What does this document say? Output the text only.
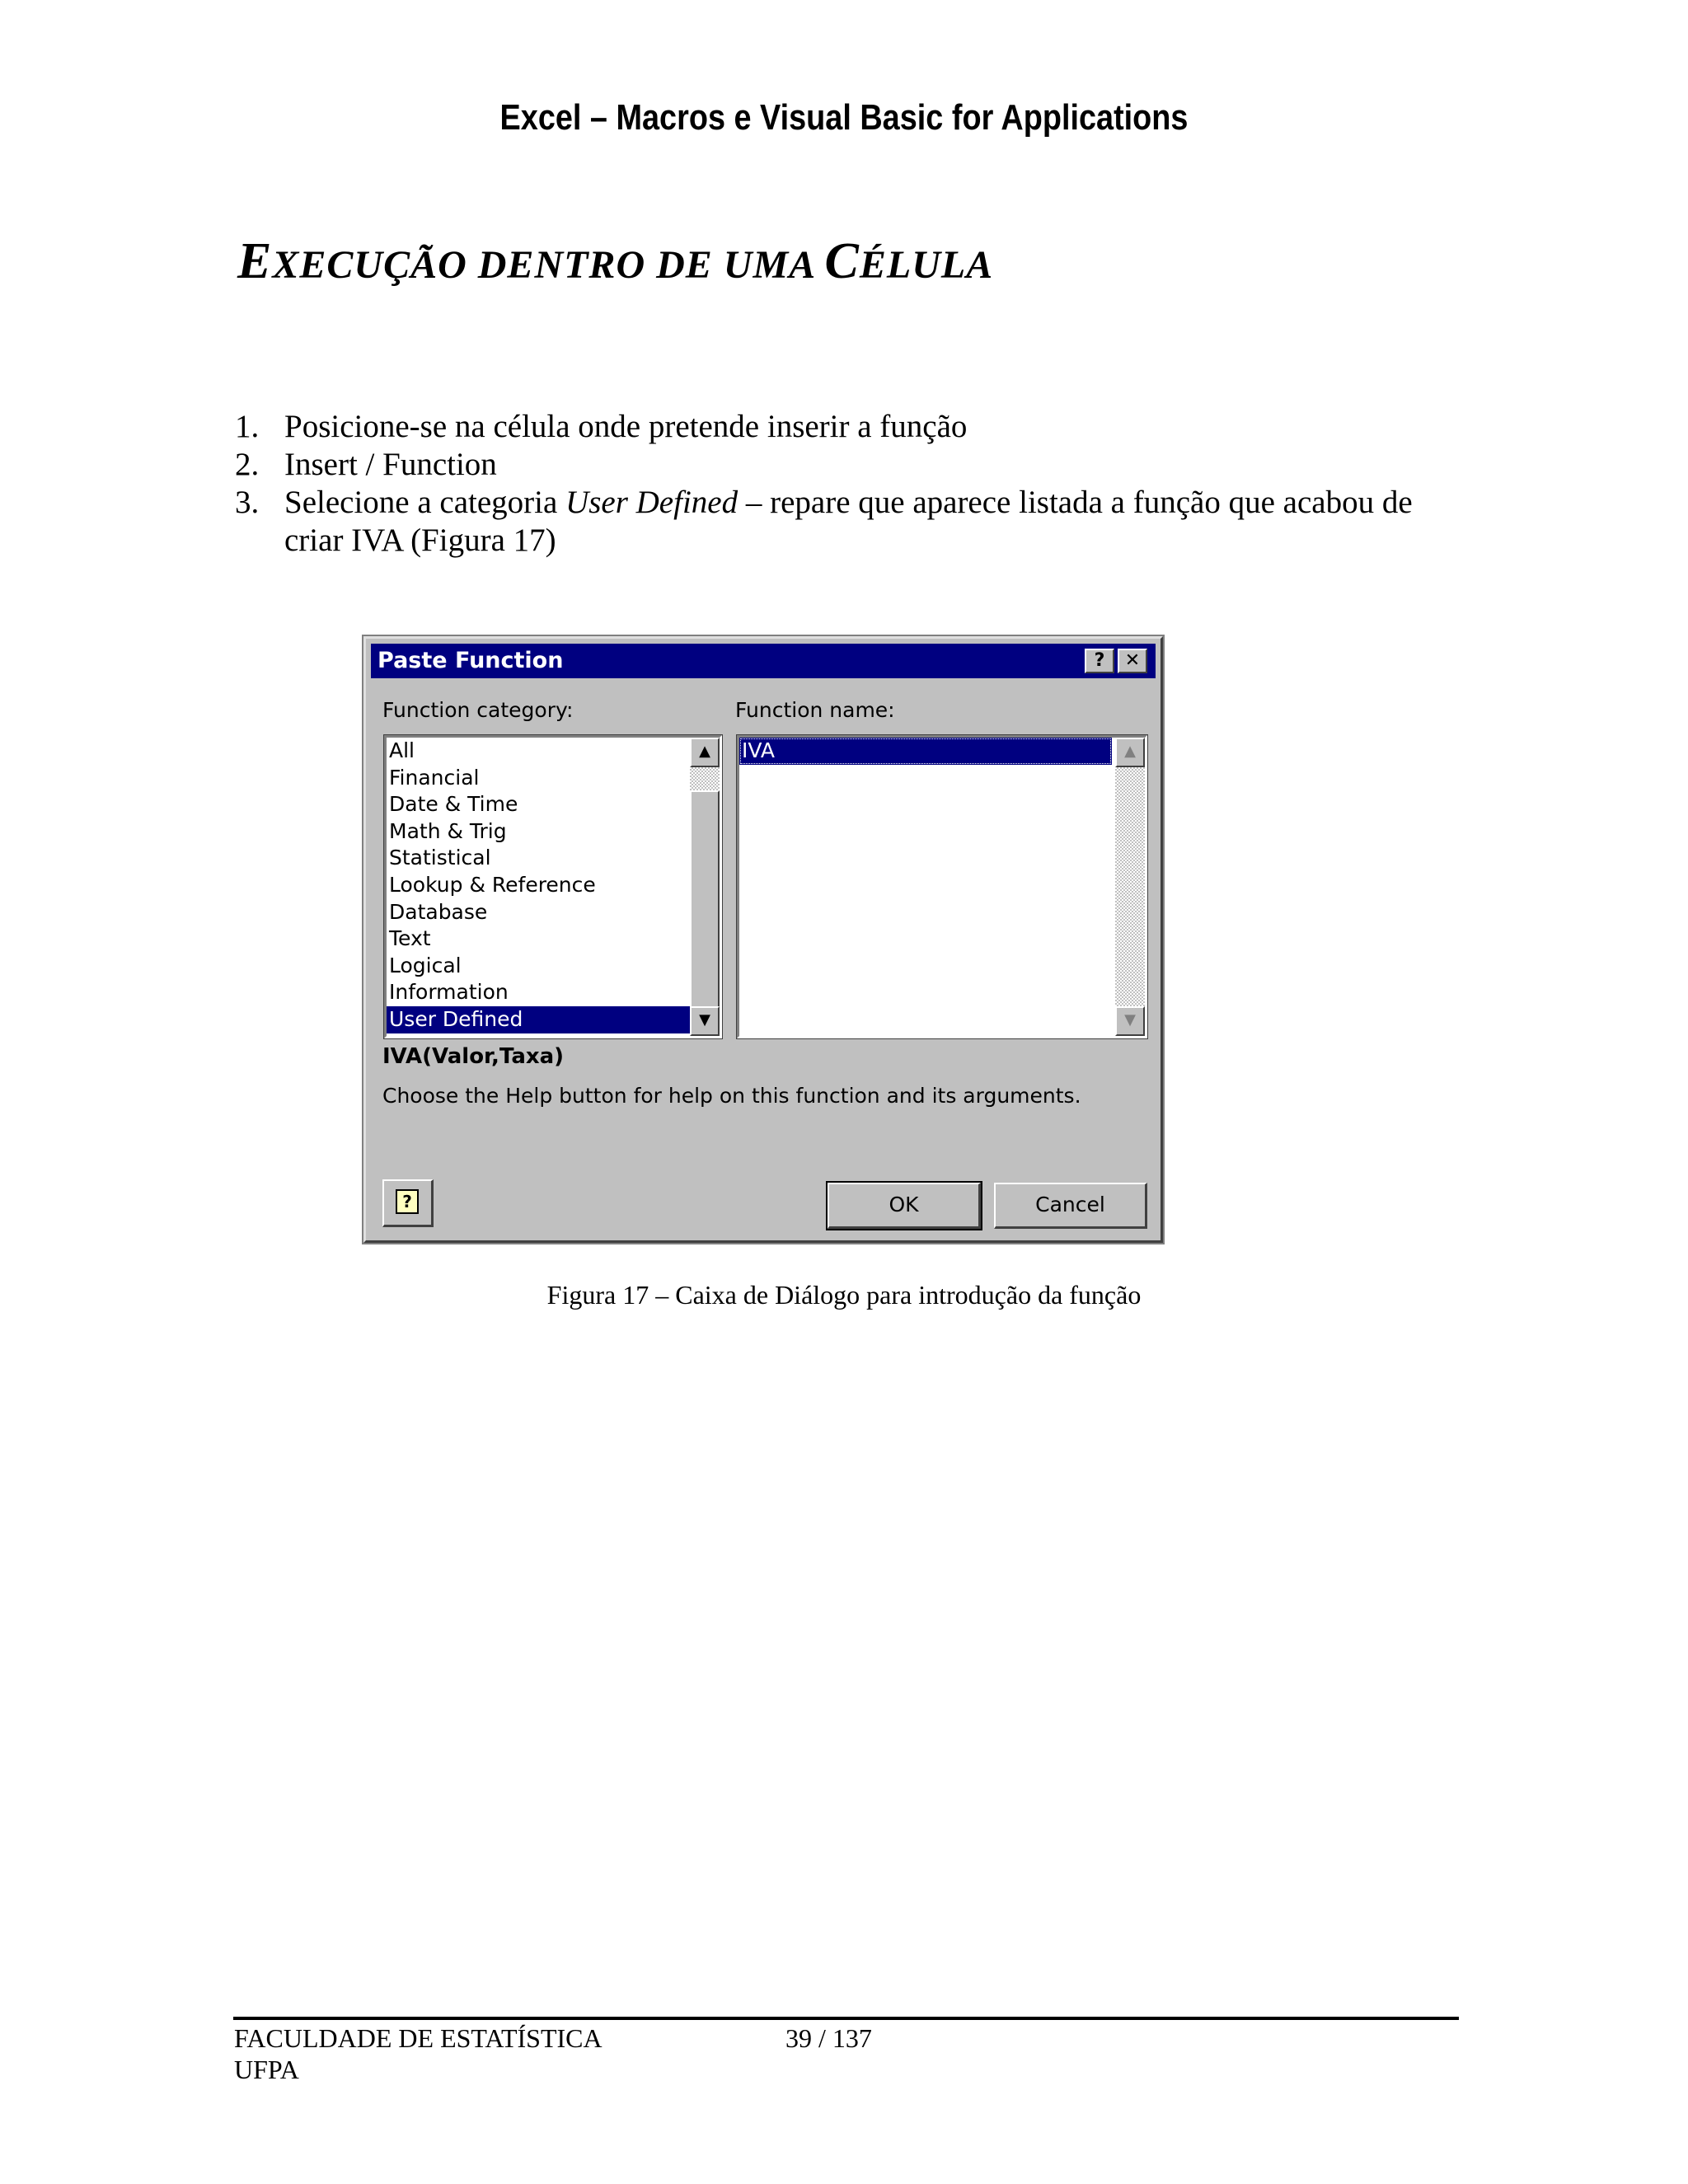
Excel – Macros e Visual Basic for Applications
EXECUÇÃO DENTRO DE UMA CÉLULA
1. Posicione-se na célula onde pretende inserir a função
2. Insert / Function
3. Selecione a categoria User Defined – repare que aparece listada a função que acabou de criar IVA (Figura 17)
Paste Function	?	✕
Function category:	Function name:
All
Financial
Date & Time
Math & Trig
Statistical
Lookup & Reference
Database
Text
Logical
Information
User Defined
▲
▼
IVA	▲
▼
IVA(Valor,Taxa)
Choose the Help button for help on this function and its arguments.
?	OK	Cancel
Figura 17 – Caixa de Diálogo para introdução da função
FACULDADE DE ESTATÍSTICA
UFPA
39 / 137
